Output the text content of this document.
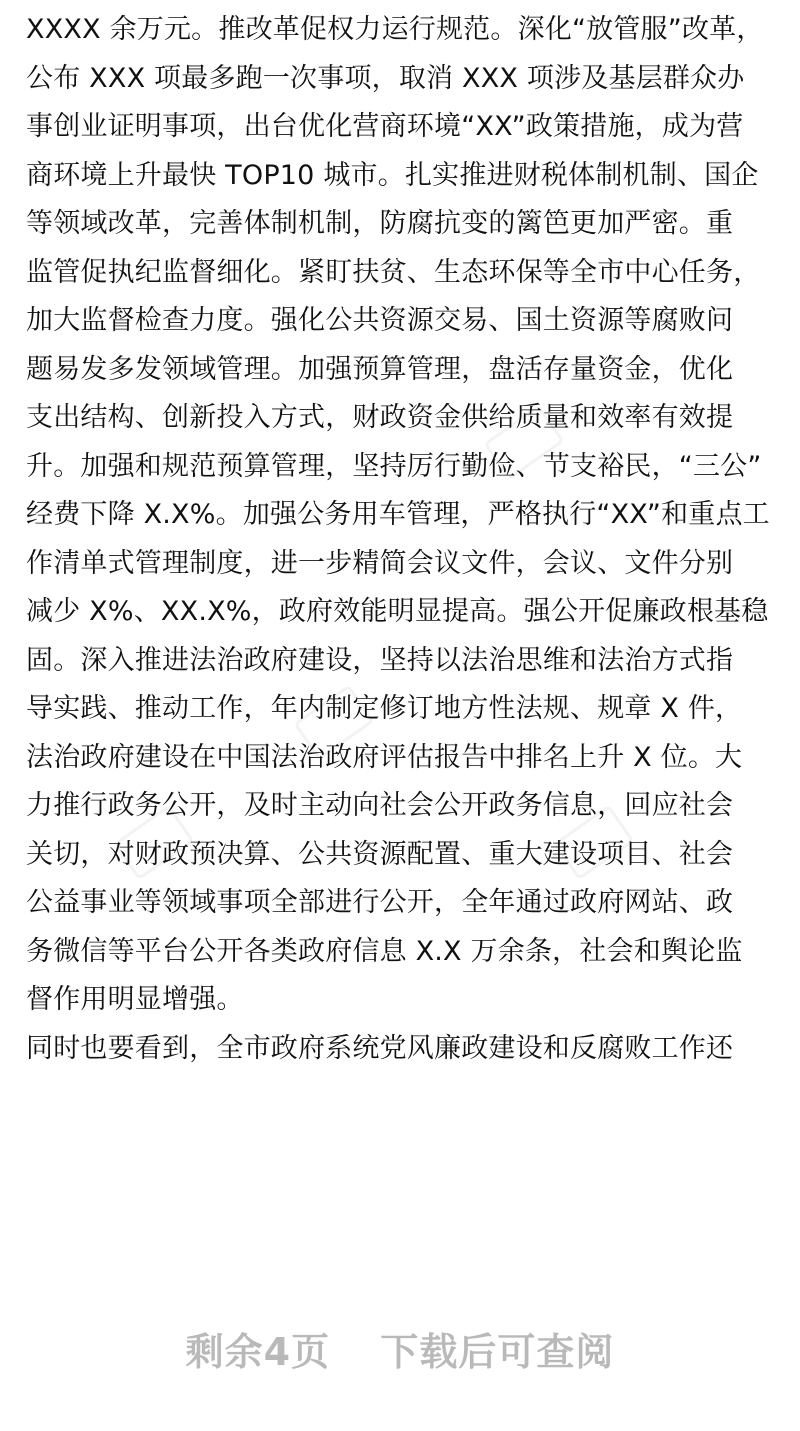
XXXX 余万元。推改革促权力运行规范。深化“放管服”改革，
公布 XXX 项最多跑一次事项，取消 XXX 项涉及基层群众办
事创业证明事项，出台优化营商环境“XX”政策措施，成为营
商环境上升最快 TOP10 城市。扎实推进财税体制机制、国企
等领域改革，完善体制机制，防腐抗变的篱笆更加严密。重
监管促执纪监督细化。紧盯扶贫、生态环保等全市中心任务，
加大监督检查力度。强化公共资源交易、国土资源等腐败问
题易发多发领域管理。加强预算管理，盘活存量资金，优化
支出结构、创新投入方式，财政资金供给质量和效率有效提
升。加强和规范预算管理，坚持厉行勤俭、节支裕民，“三公”
经费下降 X.X%。加强公务用车管理，严格执行“XX”和重点工
作清单式管理制度，进一步精简会议文件，会议、文件分别
减少 X%、XX.X%，政府效能明显提高。强公开促廉政根基稳
固。深入推进法治政府建设，坚持以法治思维和法治方式指
导实践、推动工作，年内制定修订地方性法规、规章 X 件，
法治政府建设在中国法治政府评估报告中排名上升 X 位。大
力推行政务公开，及时主动向社会公开政务信息，回应社会
关切，对财政预决算、公共资源配置、重大建设项目、社会
公益事业等领域事项全部进行公开，全年通过政府网站、政
务微信等平台公开各类政府信息 X.X 万余条，社会和舆论监
督作用明显增强。
同时也要看到，全市政府系统党风廉政建设和反腐败工作还
剩余4页 下载后可查阅
